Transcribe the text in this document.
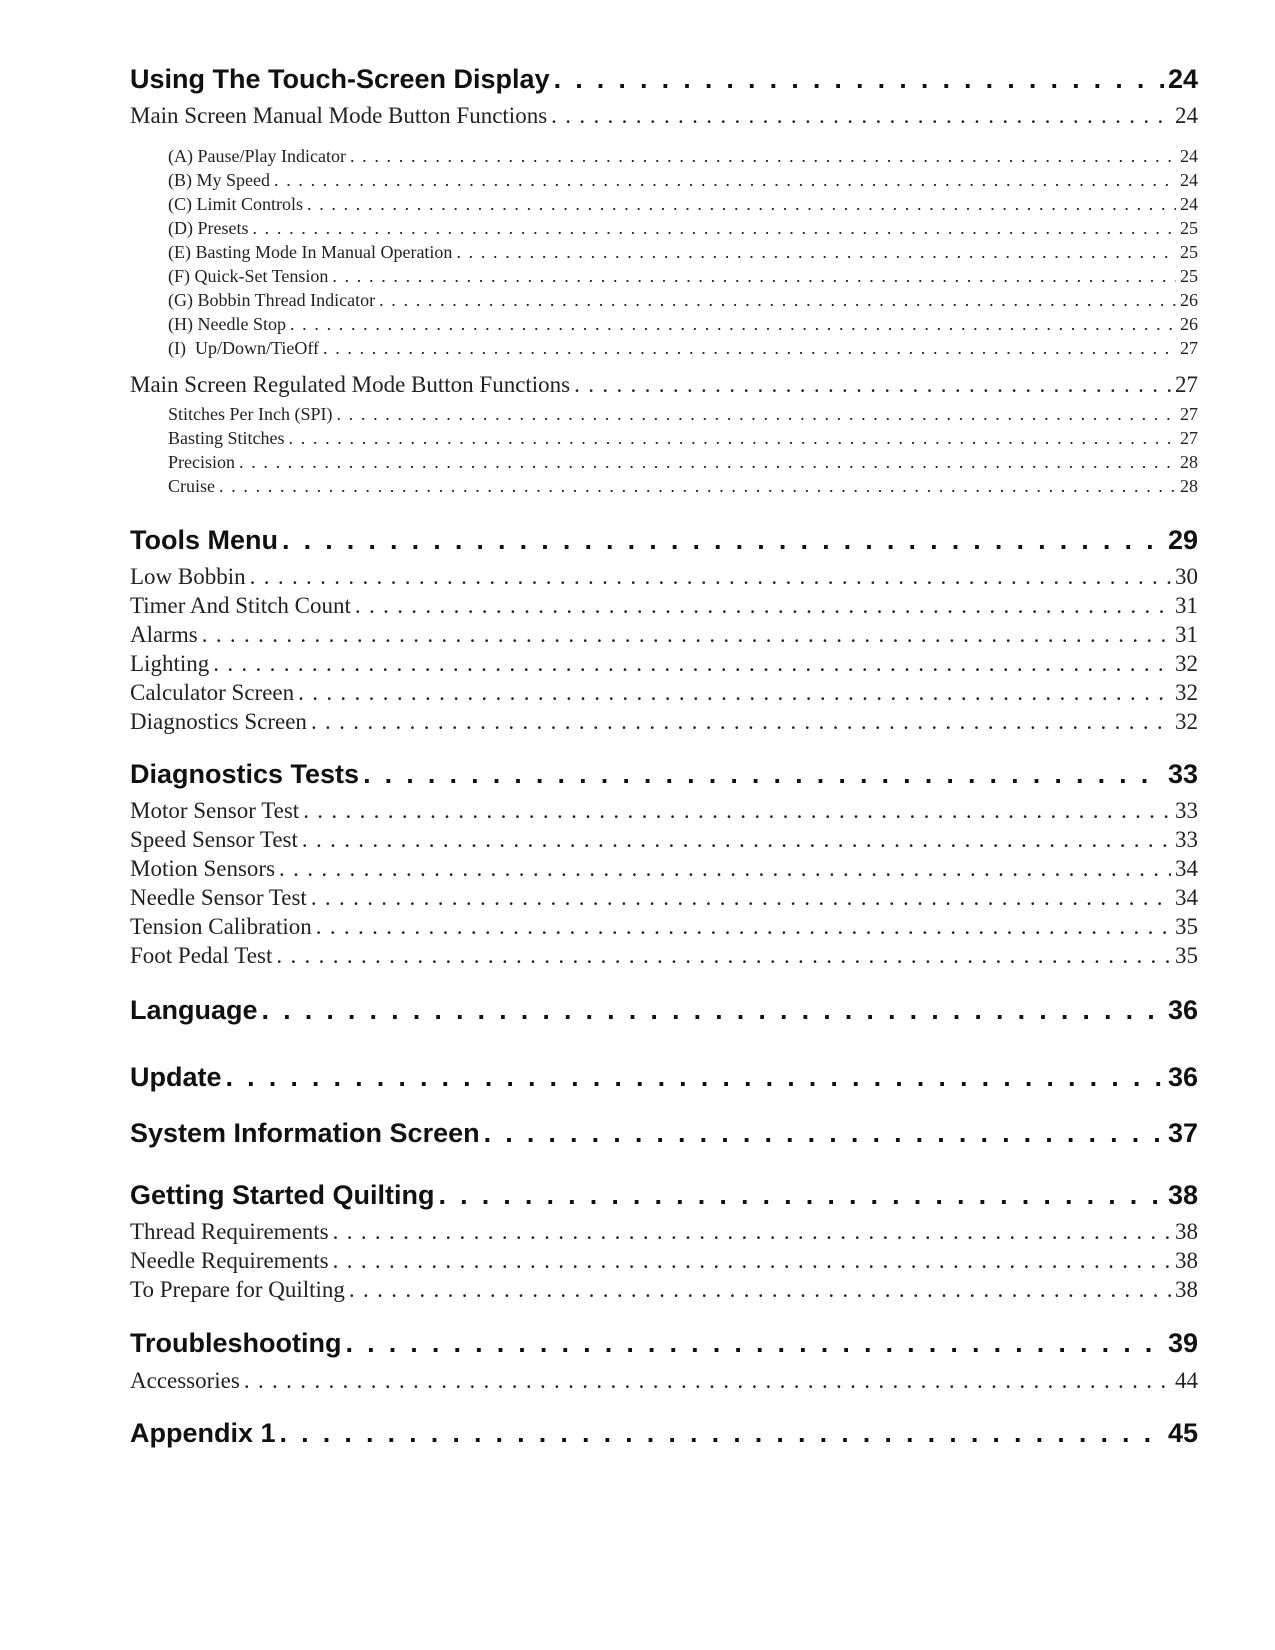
Using The Touch-Screen Display . . .	24
Main Screen Manual Mode Button Functions . . .	24
(A) Pause/Play Indicator . . .	24
(B) My Speed . . .	24
(C) Limit Controls . . .	24
(D) Presets . . .	25
(E) Basting Mode In Manual Operation . . .	25
(F) Quick-Set Tension . . .	25
(G) Bobbin Thread Indicator . . .	26
(H) Needle Stop . . .	26
(I)  Up/Down/TieOff . . .	27
Main Screen Regulated Mode Button Functions . . .	27
Stitches Per Inch (SPI) . . .	27
Basting Stitches . . .	27
Precision . . .	28
Cruise . . .	28
Tools Menu . . .	29
Low Bobbin . . .	30
Timer And Stitch Count . . .	31
Alarms . . .	31
Lighting . . .	32
Calculator Screen . . .	32
Diagnostics Screen . . .	32
Diagnostics Tests . . .	33
Motor Sensor Test . . .	33
Speed Sensor Test . . .	33
Motion Sensors . . .	34
Needle Sensor Test . . .	34
Tension Calibration . . .	35
Foot Pedal Test . . .	35
Language . . .	36
Update . . .	36
System Information Screen . . .	37
Getting Started Quilting . . .	38
Thread Requirements . . .	38
Needle Requirements . . .	38
To Prepare for Quilting . . .	38
Troubleshooting . . .	39
Accessories . . .	44
Appendix 1 . . .	45
